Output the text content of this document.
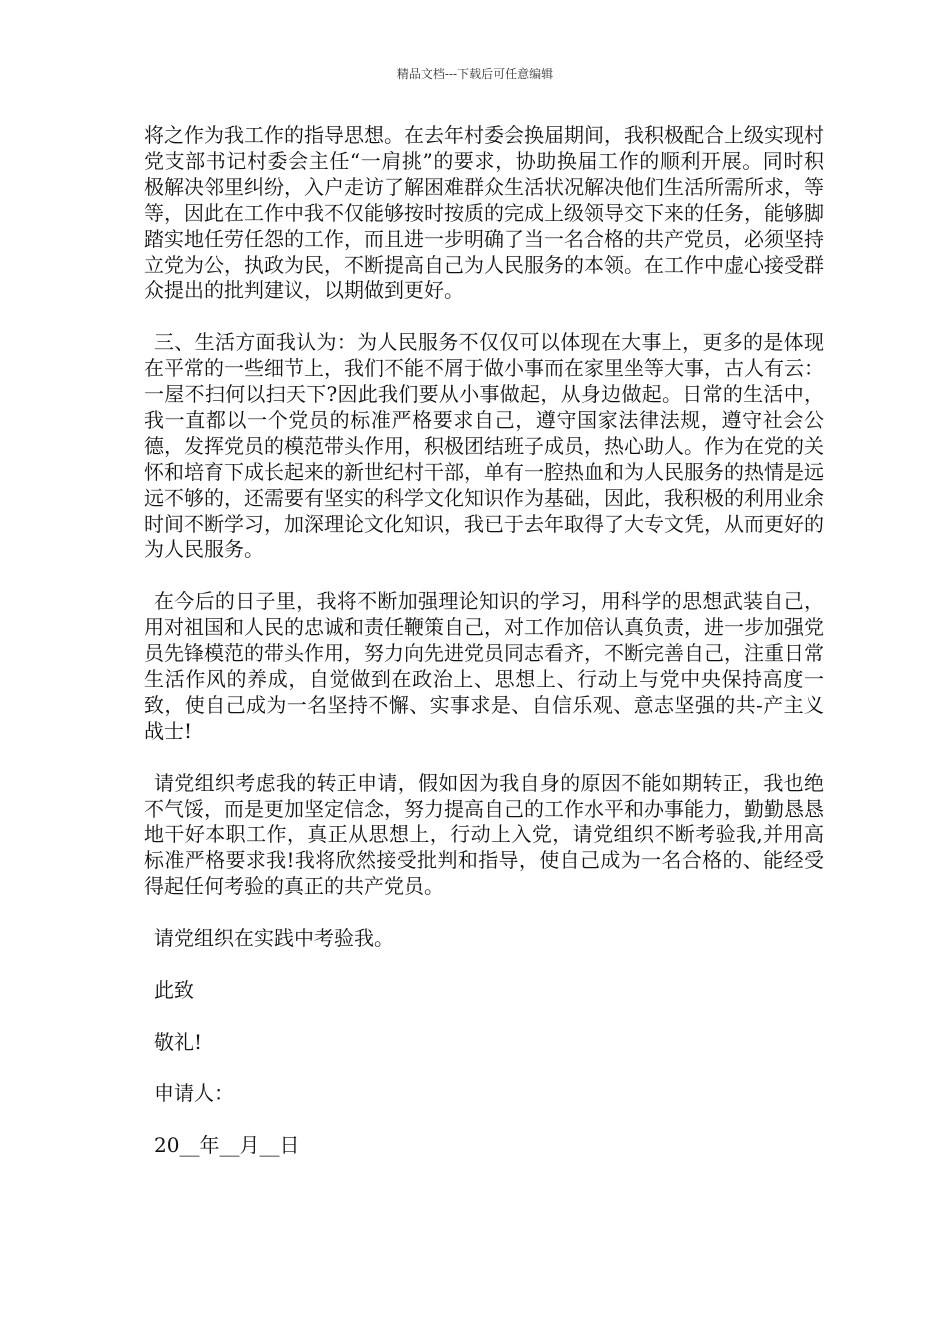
精品文档---下载后可任意编辑

将之作为我工作的指导思想。在去年村委会换届期间，我积极配合上级实现村党支部书记村委会主任“一肩挑”的要求，协助换届工作的顺利开展。同时积极解决邻里纠纷，入户走访了解困难群众生活状况解决他们生活所需所求，等等，因此在工作中我不仅能够按时按质的完成上级领导交下来的任务，能够脚踏实地任劳任怨的工作，而且进一步明确了当一名合格的共产党员，必须坚持立党为公，执政为民，不断提高自己为人民服务的本领。在工作中虚心接受群众提出的批判建议，以期做到更好。

三、生活方面我认为：为人民服务不仅仅可以体现在大事上，更多的是体现在平常的一些细节上，我们不能不屑于做小事而在家里坐等大事，古人有云：一屋不扫何以扫天下?因此我们要从小事做起，从身边做起。日常的生活中，我一直都以一个党员的标准严格要求自己，遵守国家法律法规，遵守社会公德，发挥党员的模范带头作用，积极团结班子成员，热心助人。作为在党的关怀和培育下成长起来的新世纪村干部，单有一腔热血和为人民服务的热情是远远不够的，还需要有坚实的科学文化知识作为基础，因此，我积极的利用业余时间不断学习，加深理论文化知识，我已于去年取得了大专文凭，从而更好的为人民服务。

在今后的日子里，我将不断加强理论知识的学习，用科学的思想武装自己，用对祖国和人民的忠诚和责任鞭策自己，对工作加倍认真负责，进一步加强党员先锋模范的带头作用，努力向先进党员同志看齐，不断完善自己，注重日常生活作风的养成，自觉做到在政治上、思想上、行动上与党中央保持高度一致，使自己成为一名坚持不懈、实事求是、自信乐观、意志坚强的共-产主义战士!

请党组织考虑我的转正申请，假如因为我自身的原因不能如期转正，我也绝不气馁，而是更加坚定信念，努力提高自己的工作水平和办事能力，勤勤恳恳地干好本职工作，真正从思想上，行动上入党，请党组织不断考验我,并用高标准严格要求我!我将欣然接受批判和指导，使自己成为一名合格的、能经受得起任何考验的真正的共产党员。

请党组织在实践中考验我。

此致

敬礼!

申请人：

20__年__月__日
